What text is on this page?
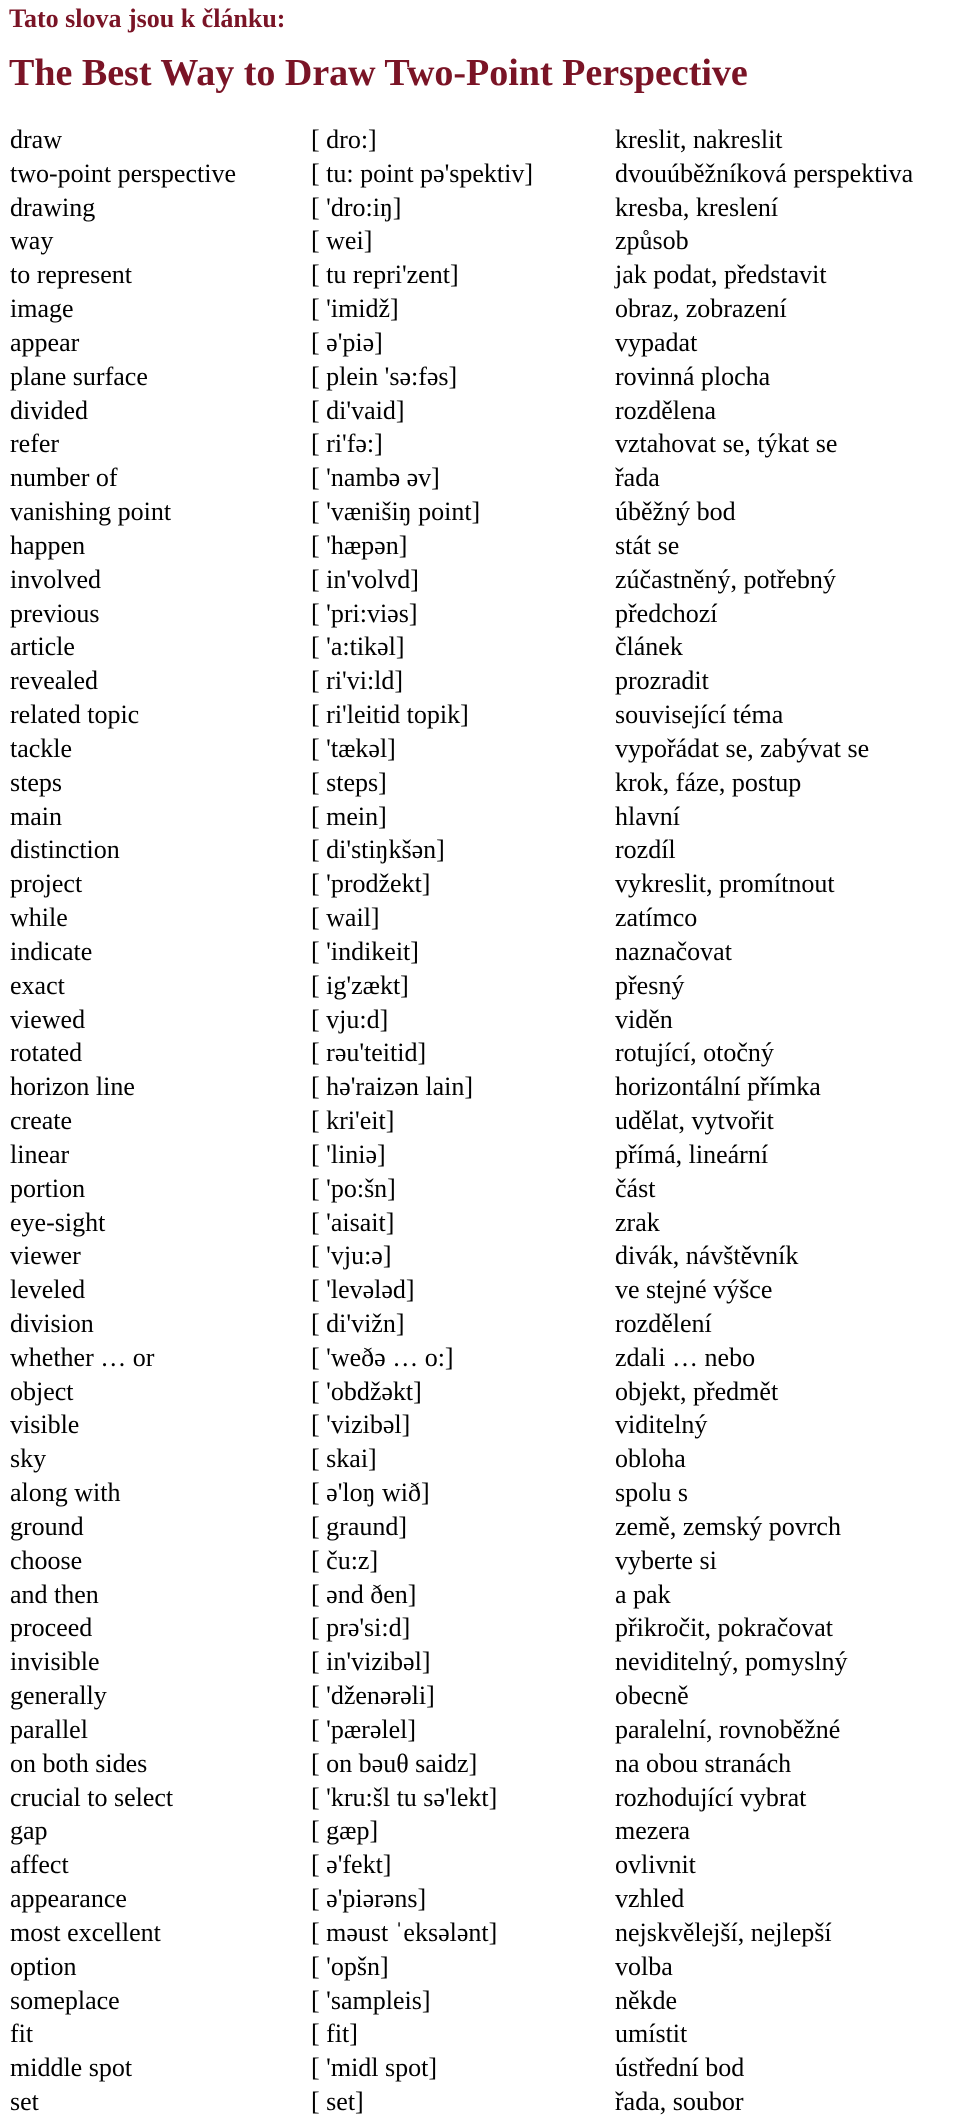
Tato slova jsou k článku:
The Best Way to Draw Two-Point Perspective
draw	[ dro:]	kreslit, nakreslit
two-point perspective	[ tu: point pə'spektiv]	dvouúběžníková perspektiva
drawing	[ 'dro:iŋ]	kresba, kreslení
way	[ wei]	způsob
to represent	[ tu repri'zent]	jak podat, představit
image	[ 'imidž]	obraz, zobrazení
appear	[ ə'piə]	vypadat
plane surface	[ plein 'sə:fəs]	rovinná plocha
divided	[ di'vaid]	rozdělena
refer	[ ri'fə:]	vztahovat se, týkat se
number of	[ 'nambə əv]	řada
vanishing point	[ 'vænišiŋ point]	úběžný bod
happen	[ 'hæpən]	stát se
involved	[ in'volvd]	zúčastněný, potřebný
previous	[ 'pri:viəs]	předchozí
article	[ 'a:tikəl]	článek
revealed	[ ri'vi:ld]	prozradit
related topic	[ ri'leitid topik]	související téma
tackle	[ 'tækəl]	vypořádat se, zabývat se
steps	[ steps]	krok, fáze, postup
main	[ mein]	hlavní
distinction	[ di'stiŋkšən]	rozdíl
project	[ 'prodžekt]	vykreslit, promítnout
while	[ wail]	zatímco
indicate	[ 'indikeit]	naznačovat
exact	[ ig'zækt]	přesný
viewed	[ vju:d]	viděn
rotated	[ rəu'teitid]	rotující, otočný
horizon line	[ hə'raizən lain]	horizontální přímka
create	[ kri'eit]	udělat, vytvořit
linear	[ 'liniə]	přímá, lineární
portion	[ 'po:šn]	část
eye-sight	[ 'aisait]	zrak
viewer	[ 'vju:ə]	divák, návštěvník
leveled	[ 'levələd]	ve stejné výšce
division	[ di'vižn]	rozdělení
whether … or	[ 'weðə … o:]	zdali … nebo
object	[ 'obdžəkt]	objekt, předmět
visible	[ 'vizibəl]	viditelný
sky	[ skai]	obloha
along with	[ ə'loŋ wið]	spolu s
ground	[ graund]	země, zemský povrch
choose	[ ču:z]	vyberte si
and then	[ ənd ðen]	a pak
proceed	[ prə'si:d]	přikročit, pokračovat
invisible	[ in'vizibəl]	neviditelný, pomyslný
generally	[ 'dženərəli]	obecně
parallel	[ 'pærəlel]	paralelní, rovnoběžné
on both sides	[ on bəuθ saidz]	na obou stranách
crucial to select	[ 'kru:šl tu sə'lekt]	rozhodující vybrat
gap	[ gæp]	mezera
affect	[ ə'fekt]	ovlivnit
appearance	[ ə'piərəns]	vzhled
most excellent	[ məust ˈeksələnt]	nejskvělejší, nejlepší
option	[ 'opšn]	volba
someplace	[ 'sampleis]	někde
fit	[ fit]	umístit
middle spot	[ 'midl spot]	ústřední bod
set	[ set]	řada, soubor
